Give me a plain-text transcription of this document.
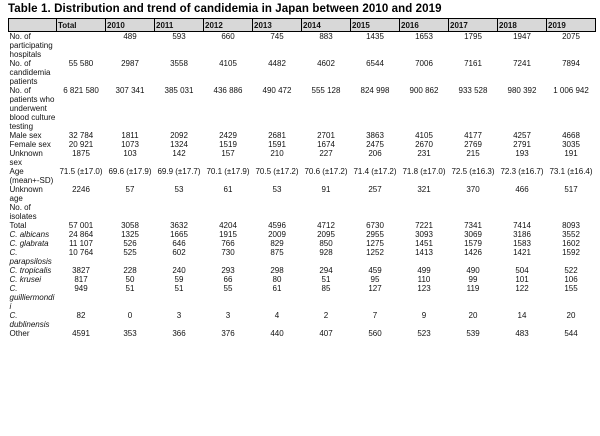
Table 1. Distribution and trend of candidemia in Japan between 2010 and 2019
	Total	2010	2011	2012	2013	2014	2015	2016	2017	2018	2019
No. of participating hospitals		489	593	660	745	883	1435	1653	1795	1947	2075
No. of candidemia patients	55 580	2987	3558	4105	4482	4602	6544	7006	7161	7241	7894
No. of patients who underwent blood culture testing	6 821 580	307 341	385 031	436 886	490 472	555 128	824 998	900 862	933 528	980 392	1 006 942
Male sex	32 784	1811	2092	2429	2681	2701	3863	4105	4177	4257	4668
Female sex	20 921	1073	1324	1519	1591	1674	2475	2670	2769	2791	3035
Unknown sex	1875	103	142	157	210	227	206	231	215	193	191
Age (mean+-SD)	71.5 (±17.0)	69.6 (±17.9)	69.9 (±17.7)	70.1 (±17.9)	70.5 (±17.2)	70.6 (±17.2)	71.4 (±17.2)	71.8 (±17.0)	72.5 (±16.3)	72.3 (±16.7)	73.1 (±16.4)
Unknown age	2246	57	53	61	53	91	257	321	370	466	517
No. of isolates											
Total	57 001	3058	3632	4204	4596	4712	6730	7221	7341	7414	8093
C. albicans	24 864	1325	1665	1915	2009	2095	2955	3093	3069	3186	3552
C. glabrata	11 107	526	646	766	829	850	1275	1451	1579	1583	1602
C. parapsilosis	10 764	525	602	730	875	928	1252	1413	1426	1421	1592
C. tropicalis	3827	228	240	293	298	294	459	499	490	504	522
C. krusei	817	50	59	66	80	51	95	110	99	101	106
C. guilliermondii	949	51	51	55	61	85	127	123	119	122	155
C. dublinensis	82	0	3	3	4	2	7	9	20	14	20
Other	4591	353	366	376	440	407	560	523	539	483	544
